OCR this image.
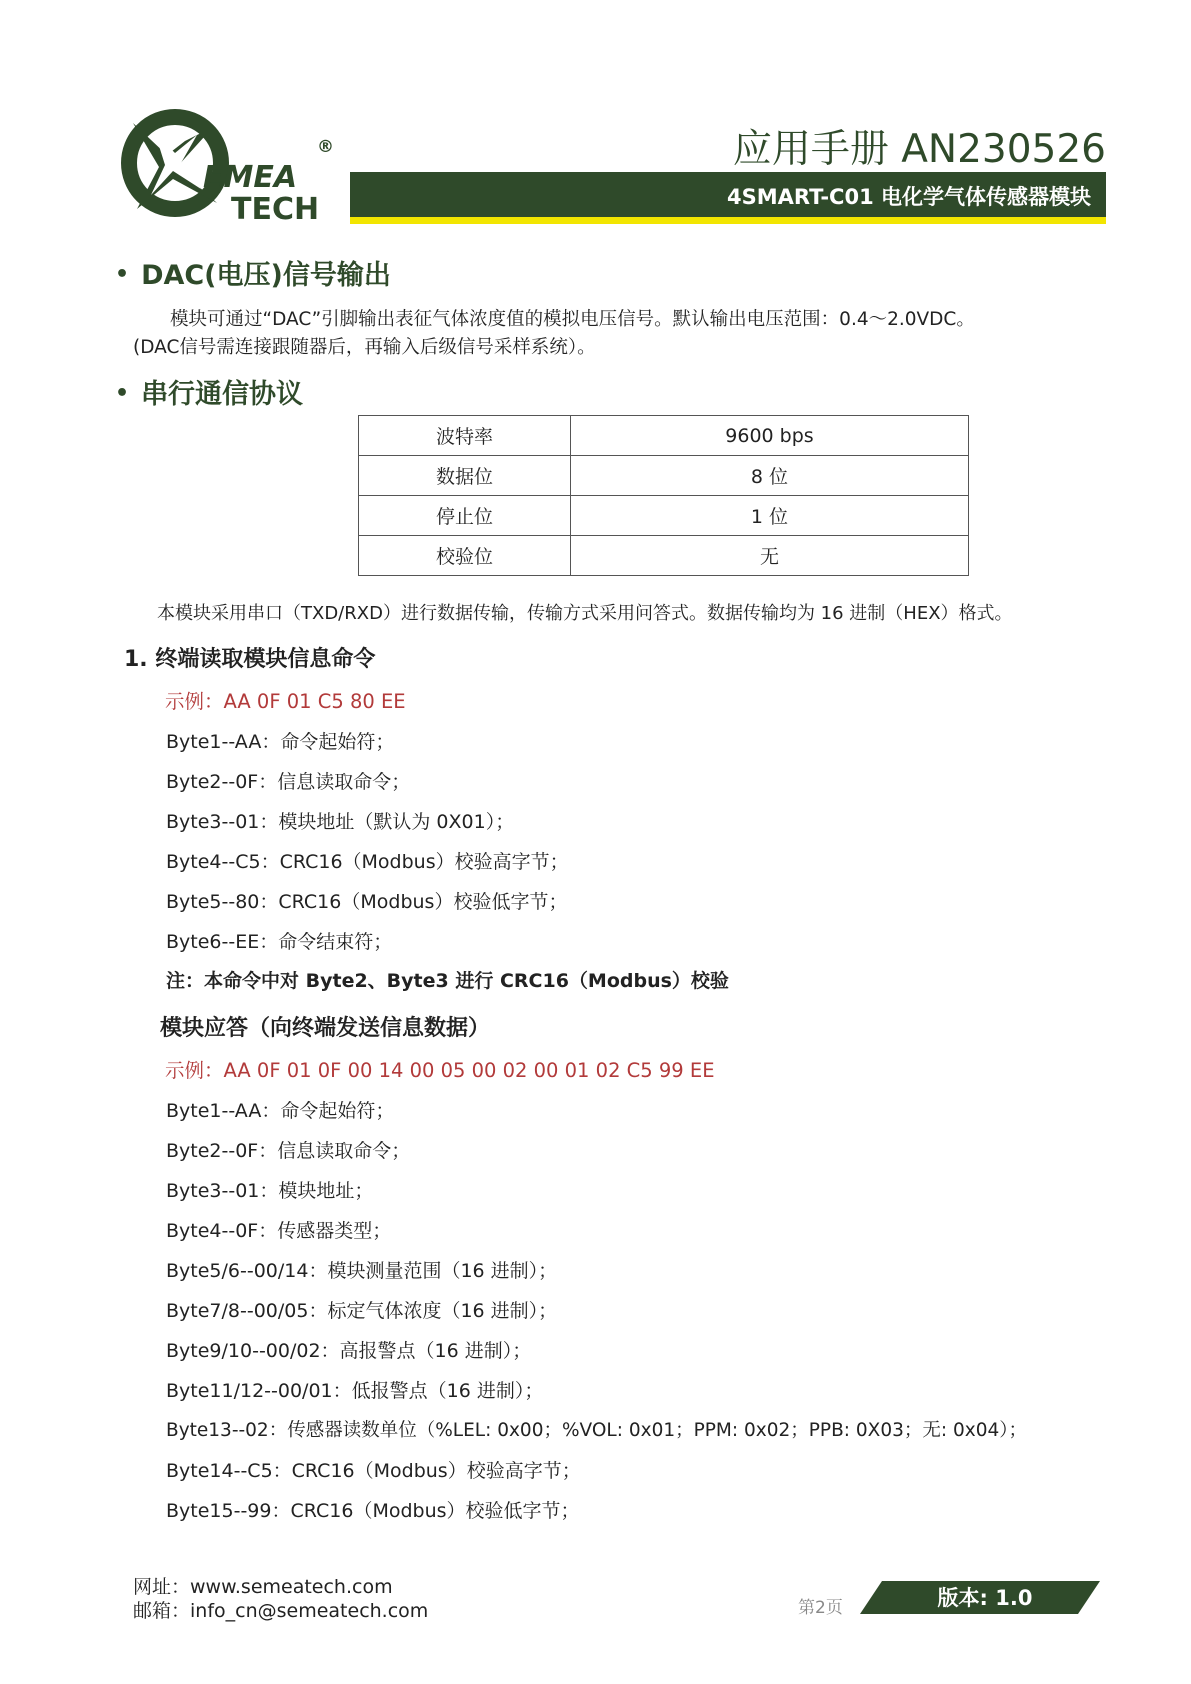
®
EMEA
TECH
应用手册 AN230526
4SMART-C01 电化学气体传感器模块
• DAC(电压)信号输出
模块可通过“DAC”引脚输出表征气体浓度值的模拟电压信号。默认输出电压范围：0.4～2.0VDC。
(DAC信号需连接跟随器后，再输入后级信号采样系统）。
• 串行通信协议
波特率	9600 bps
数据位	8 位
停止位	1 位
校验位	无
本模块采用串口（TXD/RXD）进行数据传输，传输方式采用问答式。数据传输均为 16 进制（HEX）格式。
1. 终端读取模块信息命令
示例：AA 0F 01 C5 80 EE
Byte1--AA：命令起始符；
Byte2--0F：信息读取命令；
Byte3--01：模块地址（默认为 0X01）；
Byte4--C5：CRC16（Modbus）校验高字节；
Byte5--80：CRC16（Modbus）校验低字节；
Byte6--EE：命令结束符；
注：本命令中对 Byte2、Byte3 进行 CRC16（Modbus）校验
模块应答（向终端发送信息数据）
示例：AA 0F 01 0F 00 14 00 05 00 02 00 01 02 C5 99 EE
Byte1--AA：命令起始符；
Byte2--0F：信息读取命令；
Byte3--01：模块地址；
Byte4--0F：传感器类型；
Byte5/6--00/14：模块测量范围（16 进制）；
Byte7/8--00/05：标定气体浓度（16 进制）；
Byte9/10--00/02：高报警点（16 进制）；
Byte11/12--00/01：低报警点（16 进制）；
Byte13--02：传感器读数单位（%LEL: 0x00；%VOL: 0x01；PPM: 0x02；PPB: 0X03；无: 0x04）；
Byte14--C5：CRC16（Modbus）校验高字节；
Byte15--99：CRC16（Modbus）校验低字节；
网址：www.semeatech.com
邮箱：info_cn@semeatech.com	第2页	版本: 1.0
